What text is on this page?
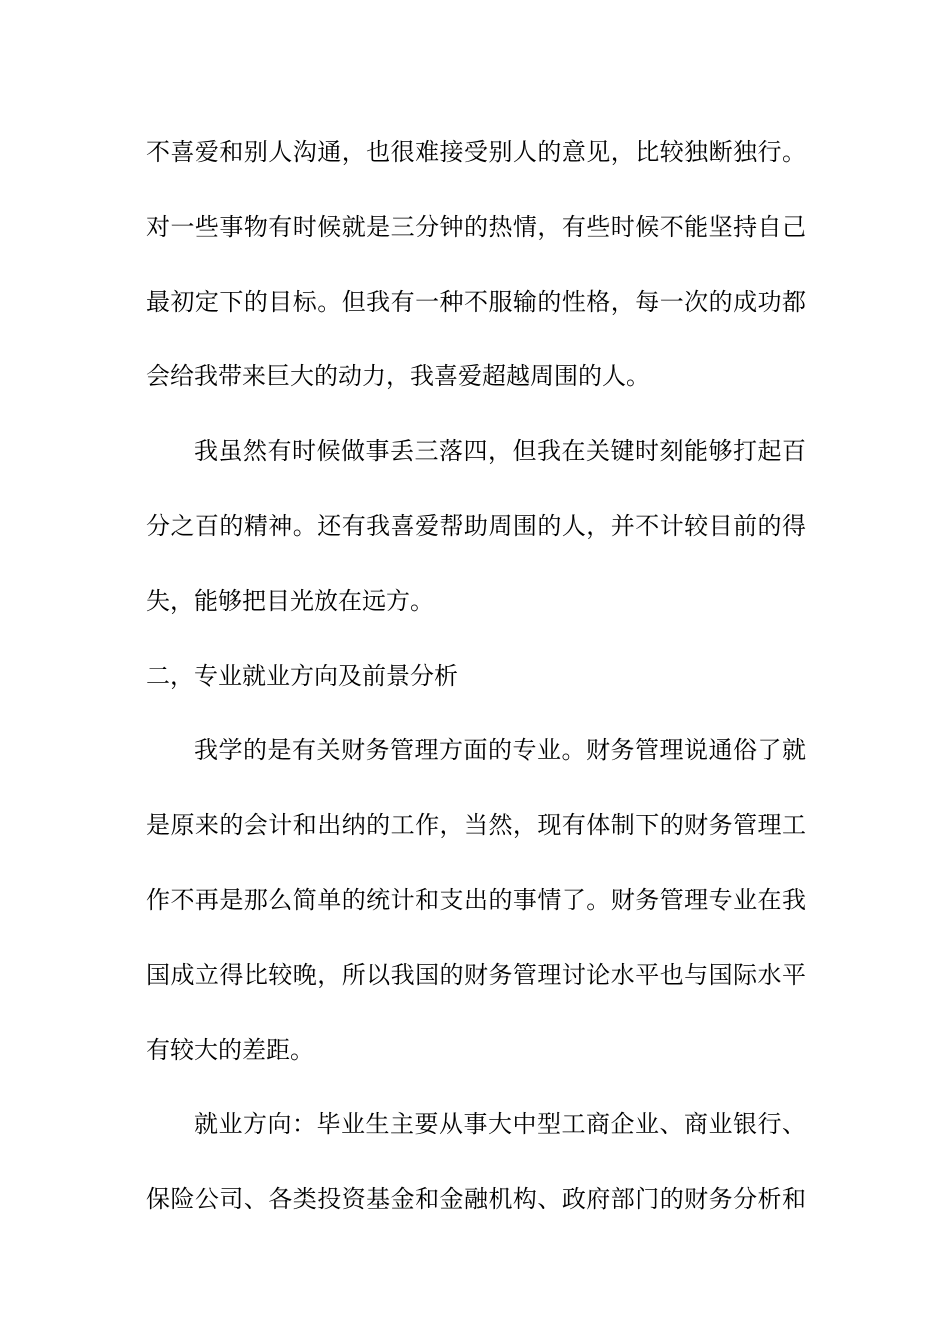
不喜爱和别人沟通，也很难接受别人的意见，比较独断独行。
对一些事物有时候就是三分钟的热情，有些时候不能坚持自己
最初定下的目标。但我有一种不服输的性格，每一次的成功都
会给我带来巨大的动力，我喜爱超越周围的人。
我虽然有时候做事丢三落四，但我在关键时刻能够打起百
分之百的精神。还有我喜爱帮助周围的人，并不计较目前的得
失，能够把目光放在远方。
二，专业就业方向及前景分析
我学的是有关财务管理方面的专业。财务管理说通俗了就
是原来的会计和出纳的工作，当然，现有体制下的财务管理工
作不再是那么简单的统计和支出的事情了。财务管理专业在我
国成立得比较晚，所以我国的财务管理讨论水平也与国际水平
有较大的差距。
就业方向：毕业生主要从事大中型工商企业、商业银行、
保险公司、各类投资基金和金融机构、政府部门的财务分析和
